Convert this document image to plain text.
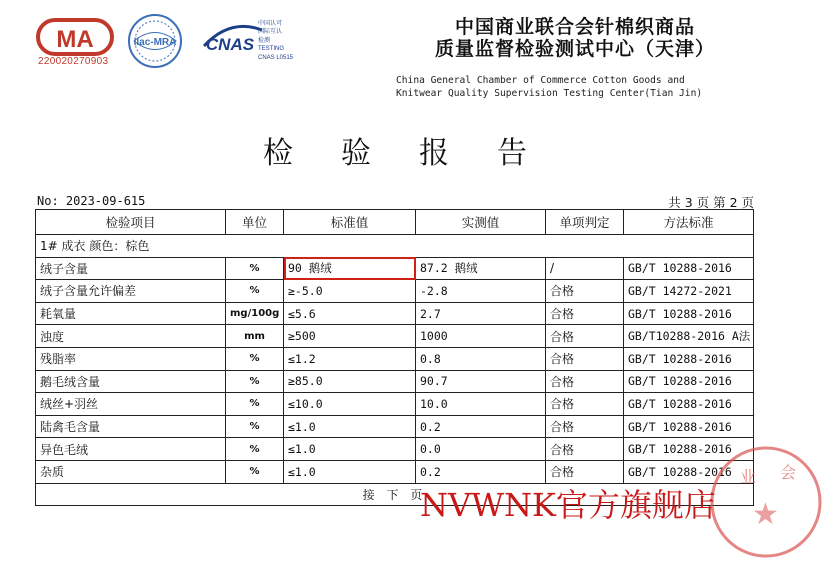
MA
220020270903
ilac-MRA CNAS
中国认可
国际互认
检测
TESTING
CNAS L0515
中国商业联合会针棉织商品
质量监督检验测试中心（天津）
China General Chamber of Commerce Cotton Goods and
Knitwear Quality Supervision Testing Center(Tian Jin)
检验报告
No: 2023-09-615	共 3 页 第 2 页
检验项目	单位	标准值	实测值	单项判定	方法标准
1# 成衣 颜色：棕色					
绒子含量	%	90 鹅绒	87.2 鹅绒	/	GB/T 10288-2016
绒子含量允许偏差	%	≥-5.0	-2.8	合格	GB/T 14272-2021
耗氧量	mg/100g	≤5.6	2.7	合格	GB/T 10288-2016
浊度	mm	≥500	1000	合格	GB/T10288-2016 A法
残脂率	%	≤1.2	0.8	合格	GB/T 10288-2016
鹅毛绒含量	%	≥85.0	90.7	合格	GB/T 10288-2016
绒丝+羽丝	%	≤10.0	10.0	合格	GB/T 10288-2016
陆禽毛含量	%	≤1.0	0.2	合格	GB/T 10288-2016
异色毛绒	%	≤1.0	0.0	合格	GB/T 10288-2016
杂质	%	≤1.0	0.2	合格	GB/T 10288-2016
接 下 页					
业 会
★
NVWNK官方旗舰店
